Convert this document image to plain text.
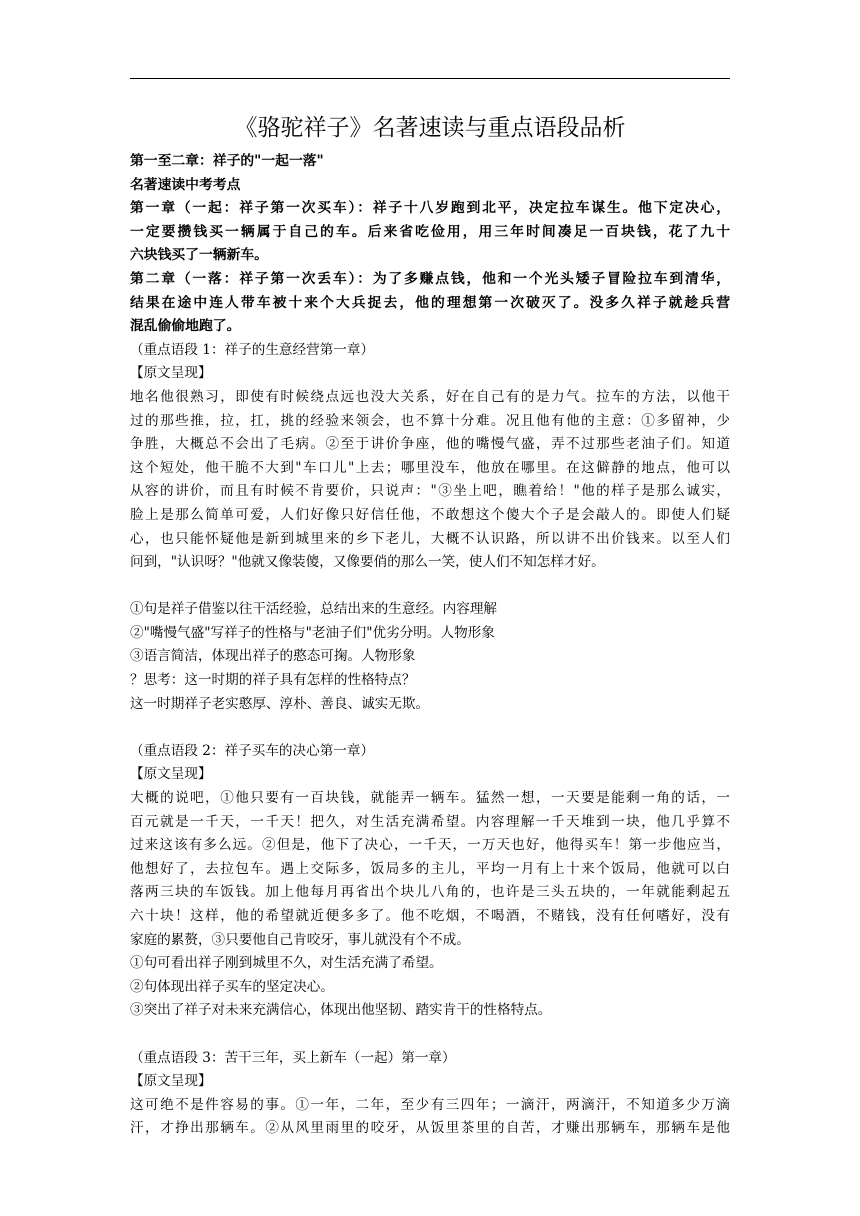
《骆驼祥子》名著速读与重点语段品析
第一至二章：祥子的"一起一落"
名著速读中考考点
第一章（一起：祥子第一次买车）：祥子十八岁跑到北平，决定拉车谋生。他下定决心，
一定要攒钱买一辆属于自己的车。后来省吃俭用，用三年时间凑足一百块钱，花了九十
六块钱买了一辆新车。
第二章（一落：祥子第一次丢车）：为了多赚点钱，他和一个光头矮子冒险拉车到清华，
结果在途中连人带车被十来个大兵捉去，他的理想第一次破灭了。没多久祥子就趁兵营
混乱偷偷地跑了。
（重点语段 1：祥子的生意经营第一章）
【原文呈现】
地名他很熟习，即使有时候绕点远也没大关系，好在自己有的是力气。拉车的方法，以他干
过的那些推，拉，扛，挑的经验来领会，也不算十分难。况且他有他的主意：①多留神，少
争胜，大概总不会出了毛病。②至于讲价争座，他的嘴慢气盛，弄不过那些老油子们。知道
这个短处，他干脆不大到"车口儿"上去；哪里没车，他放在哪里。在这僻静的地点，他可以
从容的讲价，而且有时候不肯要价，只说声："③坐上吧，瞧着给！"他的样子是那么诚实，
脸上是那么简单可爱，人们好像只好信任他，不敢想这个傻大个子是会敲人的。即使人们疑
心，也只能怀疑他是新到城里来的乡下老儿，大概不认识路，所以讲不出价钱来。以至人们
问到，"认识呀？"他就又像装傻，又像要俏的那么一笑，使人们不知怎样才好。
①句是祥子借鉴以往干活经验，总结出来的生意经。内容理解
②"嘴慢气盛"写祥子的性格与"老油子们"优劣分明。人物形象
③语言简洁，体现出祥子的憨态可掬。人物形象
？思考：这一时期的祥子具有怎样的性格特点？
这一时期祥子老实憨厚、淳朴、善良、诚实无欺。
（重点语段 2：祥子买车的决心第一章）
【原文呈现】
大概的说吧，①他只要有一百块钱，就能弄一辆车。猛然一想，一天要是能剩一角的话，一
百元就是一千天，一千天！把久，对生活充满希望。内容理解一千天堆到一块，他几乎算不
过来这该有多么远。②但是，他下了决心，一千天，一万天也好，他得买车！第一步他应当，
他想好了，去拉包车。遇上交际多，饭局多的主儿，平均一月有上十来个饭局，他就可以白
落两三块的车饭钱。加上他每月再省出个块儿八角的，也许是三头五块的，一年就能剩起五
六十块！这样，他的希望就近便多多了。他不吃烟，不喝酒，不赌钱，没有任何嗜好，没有
家庭的累赘，③只要他自己肯咬牙，事儿就没有个不成。
①句可看出祥子刚到城里不久，对生活充满了希望。
②句体现出祥子买车的坚定决心。
③突出了祥子对未来充满信心，体现出他坚韧、踏实肯干的性格特点。
（重点语段 3：苦干三年，买上新车（一起）第一章）
【原文呈现】
这可绝不是件容易的事。①一年，二年，至少有三四年；一滴汗，两滴汗，不知道多少万滴
汗，才挣出那辆车。②从风里雨里的咬牙，从饭里茶里的自苦，才赚出那辆车，那辆车是他
